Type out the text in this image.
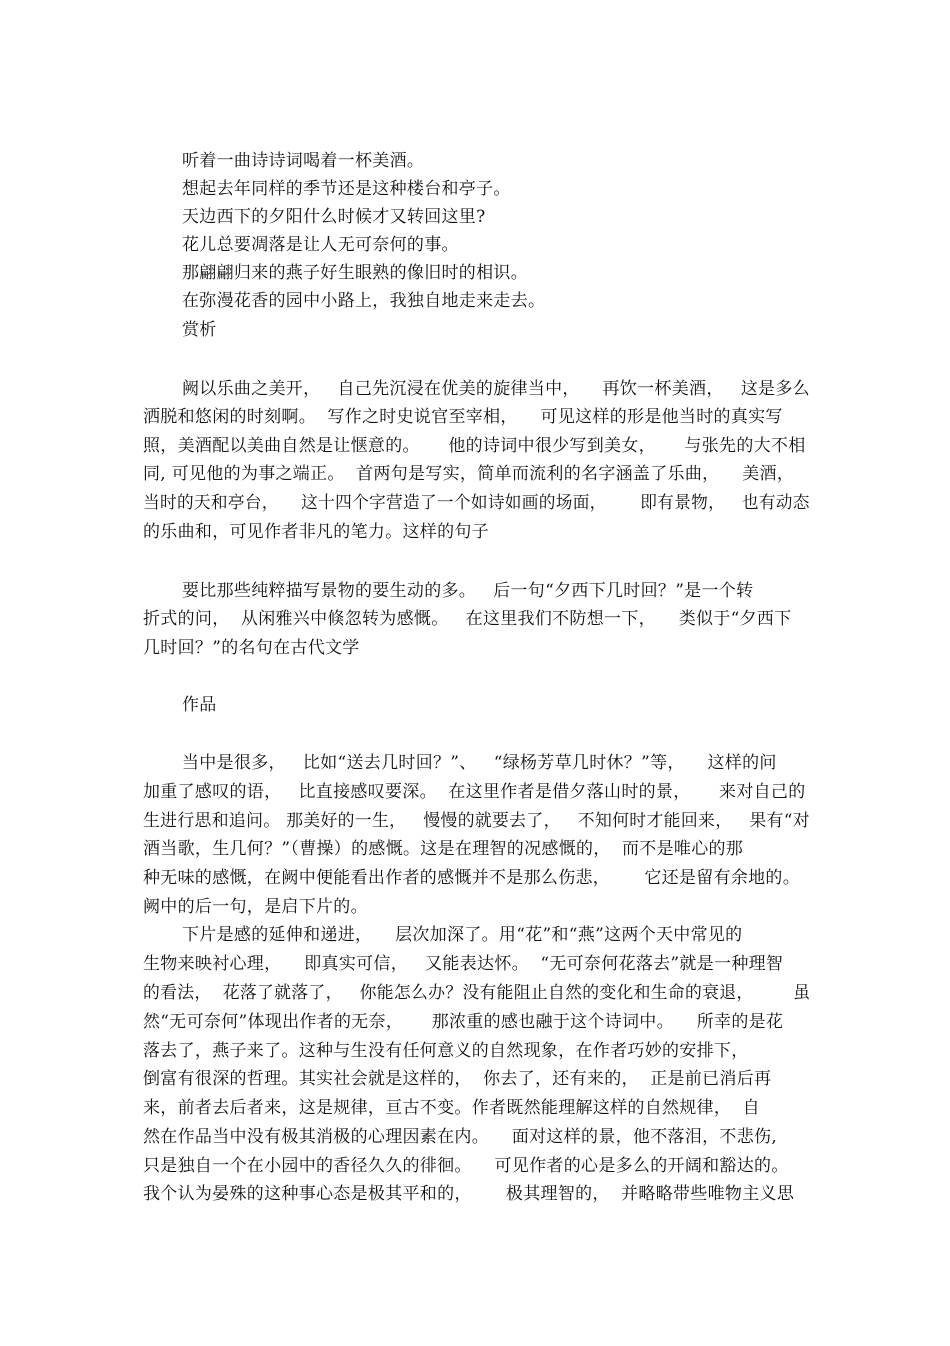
听着一曲诗诗词喝着一杯美酒。
想起去年同样的季节还是这种楼台和亭子。
天边西下的夕阳什么时候才又转回这里?
花儿总要凋落是让人无可奈何的事。
那翩翩归来的燕子好生眼熟的像旧时的相识。
在弥漫花香的园中小路上，我独自地走来走去。
赏析
阙以乐曲之美开，   自己先沉浸在优美的旋律当中，    再饮一杯美酒，   这是多么
洒脱和悠闲的时刻啊。  写作之时史说官至宰相，    可见这样的形是他当时的真实写
照，美酒配以美曲自然是让惬意的。     他的诗词中很少写到美女，     与张先的大不相
同, 可见他的为事之端正。  首两句是写实，简单而流利的名字涵盖了乐曲，    美酒，
当时的天和亭台，    这十四个字营造了一个如诗如画的场面，      即有景物，   也有动态
的乐曲和，可见作者非凡的笔力。这样的句子
要比那些纯粹描写景物的要生动的多。   后一句“夕西下几时回？”是一个转
折式的问，  从闲雅兴中倏忽转为感慨。   在这里我们不防想一下，    类似于“夕西下
几时回？”的名句在古代文学
作品
当中是很多，   比如“送去几时回？”、   “绿杨芳草几时休？”等，    这样的问
加重了感叹的语，   比直接感叹要深。  在这里作者是借夕落山时的景，     来对自己的
生进行思和追问。 那美好的一生，   慢慢的就要去了，   不知何时才能回来，   果有“对
酒当歌，生几何？”（曹操）的感慨。这是在理智的况感慨的，  而不是唯心的那
种无味的感慨，在阙中便能看出作者的感慨并不是那么伤悲，      它还是留有余地的。
阙中的后一句，是启下片的。
下片是感的延伸和递进，    层次加深了。用“花”和“燕”这两个天中常见的
生物来映衬心理，    即真实可信，   又能表达怀。  “无可奈何花落去”就是一种理智
的看法，  花落了就落了，   你能怎么办？没有能阻止自然的变化和生命的衰退，       虽
然“无可奈何”体现出作者的无奈，     那浓重的感也融于这个诗词中。    所幸的是花
落去了，燕子来了。这种与生没有任何意义的自然现象，在作者巧妙的安排下，
倒富有很深的哲理。其实社会就是这样的，  你去了，还有来的，  正是前已消后再
来，前者去后者来，这是规律，亘古不变。作者既然能理解这样的自然规律，  自
然在作品当中没有极其消极的心理因素在内。    面对这样的景，他不落泪，不悲伤,
只是独自一个在小园中的香径久久的徘徊。    可见作者的心是多么的开阔和豁达的。
我个认为晏殊的这种事心态是极其平和的，      极其理智的，  并略略带些唯物主义思
